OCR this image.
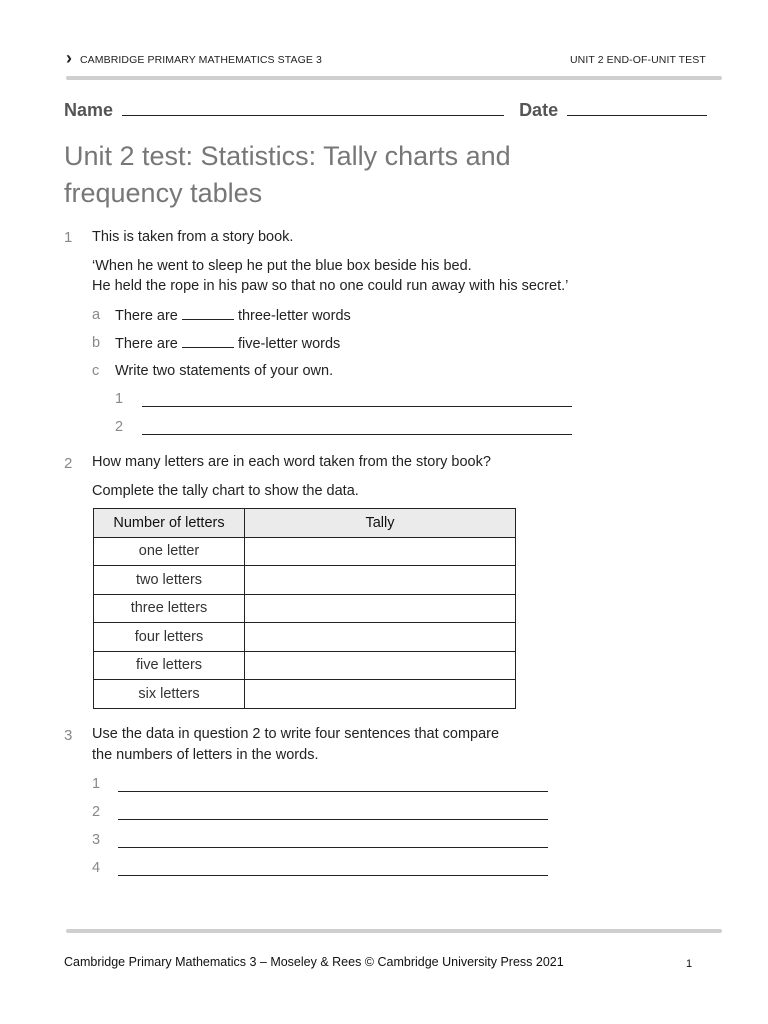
› CAMBRIDGE PRIMARY MATHEMATICS STAGE 3	UNIT 2 END-OF-UNIT TEST
Name	Date
Unit 2 test: Statistics: Tally charts and
frequency tables
1 This is taken from a story book.
‘When he went to sleep he put the blue box beside his bed.
He held the rope in his paw so that no one could run away with his secret.’
a There are	three-letter words
b There are	five-letter words
c Write two statements of your own.
1
2
2 How many letters are in each word taken from the story book?
Complete the tally chart to show the data.
Number of letters	Tally
one letter	
two letters	
three letters	
four letters	
five letters	
six letters	
3 Use the data in question 2 to write four sentences that compare
the numbers of letters in the words.
1
2
3
4
Cambridge Primary Mathematics 3 – Moseley & Rees © Cambridge University Press 2021	1
